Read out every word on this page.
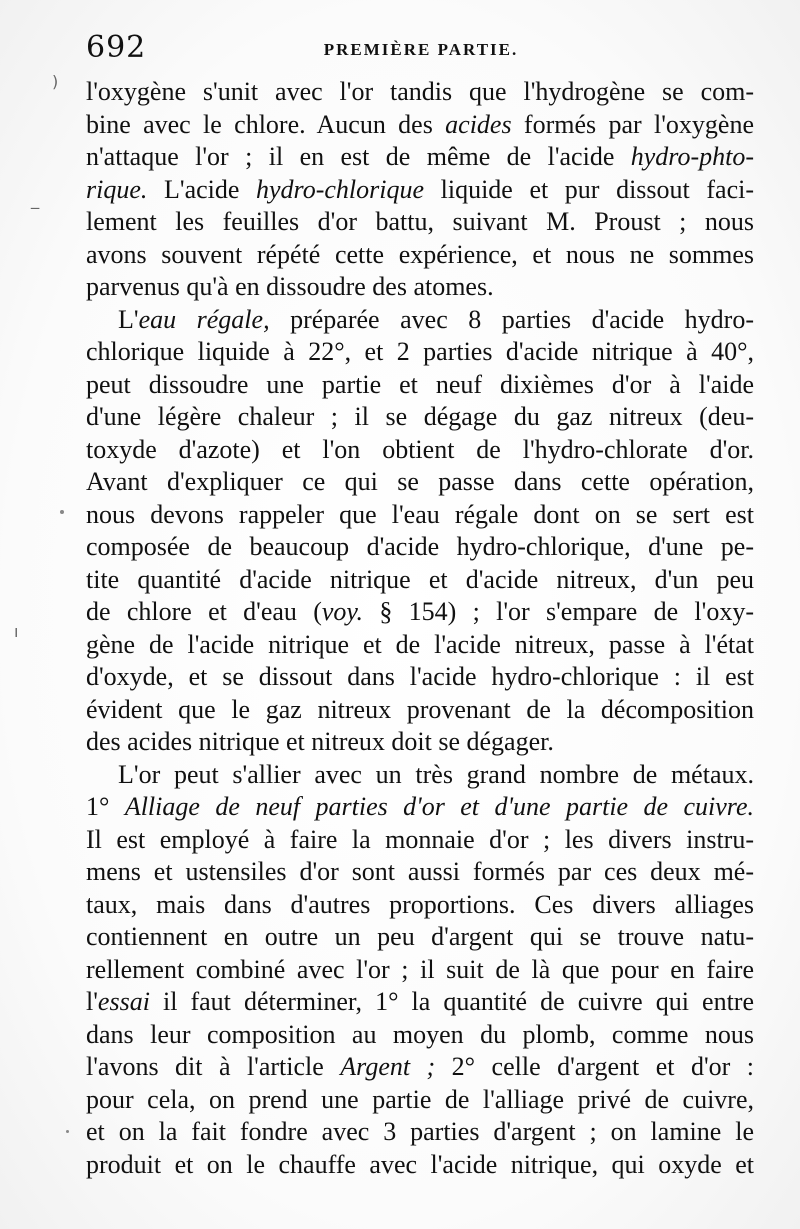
692	PREMIÈRE PARTIE.
l'oxygène s'unit avec l'or tandis que l'hydrogène se com-
bine avec le chlore. Aucun des acides formés par l'oxygène
n'attaque l'or ; il en est de même de l'acide hydro-phto-
rique. L'acide hydro-chlorique liquide et pur dissout faci-
lement les feuilles d'or battu, suivant M. Proust ; nous
avons souvent répété cette expérience, et nous ne sommes
parvenus qu'à en dissoudre des atomes.
L'eau régale, préparée avec 8 parties d'acide hydro-
chlorique liquide à 22°, et 2 parties d'acide nitrique à 40°,
peut dissoudre une partie et neuf dixièmes d'or à l'aide
d'une légère chaleur ; il se dégage du gaz nitreux (deu-
toxyde d'azote) et l'on obtient de l'hydro-chlorate d'or.
Avant d'expliquer ce qui se passe dans cette opération,
nous devons rappeler que l'eau régale dont on se sert est
composée de beaucoup d'acide hydro-chlorique, d'une pe-
tite quantité d'acide nitrique et d'acide nitreux, d'un peu
de chlore et d'eau (voy. § 154) ; l'or s'empare de l'oxy-
gène de l'acide nitrique et de l'acide nitreux, passe à l'état
d'oxyde, et se dissout dans l'acide hydro-chlorique : il est
évident que le gaz nitreux provenant de la décomposition
des acides nitrique et nitreux doit se dégager.
L'or peut s'allier avec un très grand nombre de métaux.
1° Alliage de neuf parties d'or et d'une partie de cuivre.
Il est employé à faire la monnaie d'or ; les divers instru-
mens et ustensiles d'or sont aussi formés par ces deux mé-
taux, mais dans d'autres proportions. Ces divers alliages
contiennent en outre un peu d'argent qui se trouve natu-
rellement combiné avec l'or ; il suit de là que pour en faire
l'essai il faut déterminer, 1° la quantité de cuivre qui entre
dans leur composition au moyen du plomb, comme nous
l'avons dit à l'article Argent ; 2° celle d'argent et d'or :
pour cela, on prend une partie de l'alliage privé de cuivre,
et on la fait fondre avec 3 parties d'argent ; on lamine le
produit et on le chauffe avec l'acide nitrique, qui oxyde et
)
‒
ı
